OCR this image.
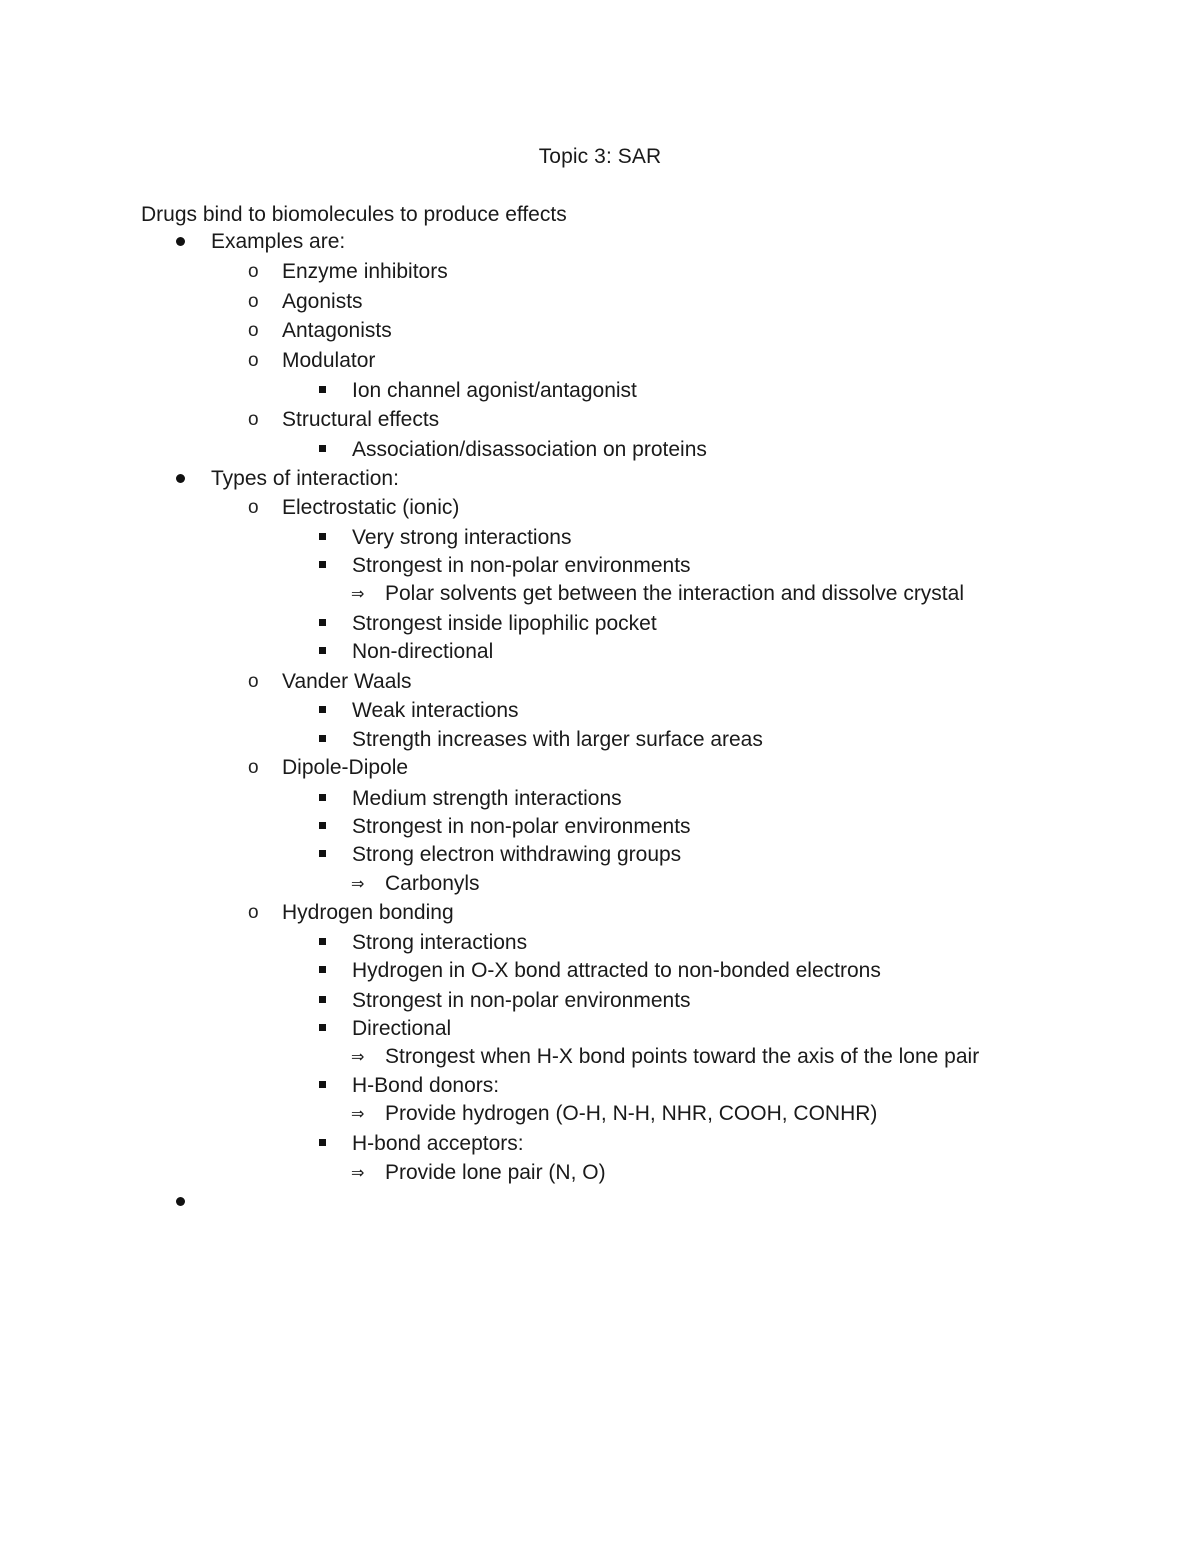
Topic 3: SAR
Drugs bind to biomolecules to produce effects
Examples are:
o Enzyme inhibitors
o Agonists
o Antagonists
o Modulator
Ion channel agonist/antagonist
o Structural effects
Association/disassociation on proteins
Types of interaction:
o Electrostatic (ionic)
Very strong interactions
Strongest in non-polar environments
⇒ Polar solvents get between the interaction and dissolve crystal
Strongest inside lipophilic pocket
Non-directional
o Vander Waals
Weak interactions
Strength increases with larger surface areas
o Dipole-Dipole
Medium strength interactions
Strongest in non-polar environments
Strong electron withdrawing groups
⇒ Carbonyls
o Hydrogen bonding
Strong interactions
Hydrogen in O-X bond attracted to non-bonded electrons
Strongest in non-polar environments
Directional
⇒ Strongest when H-X bond points toward the axis of the lone pair
H-Bond donors:
⇒ Provide hydrogen (O-H, N-H, NHR, COOH, CONHR)
H-bond acceptors:
⇒ Provide lone pair (N, O)
